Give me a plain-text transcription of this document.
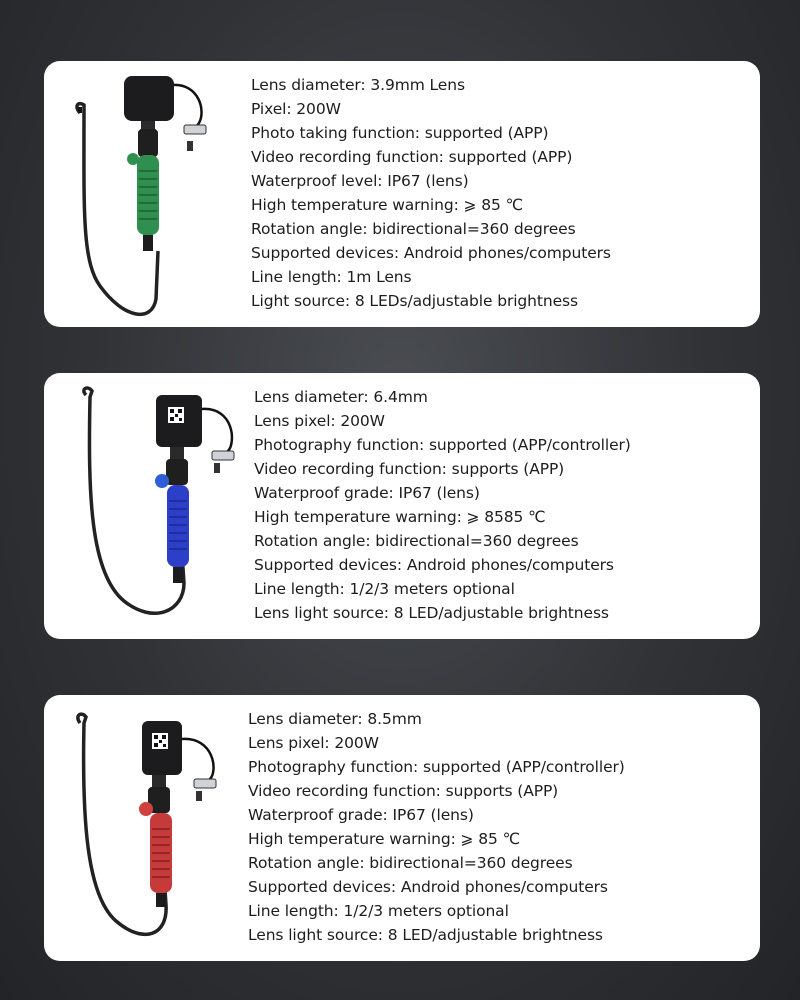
Lens diameter: 3.9mm Lens
Pixel: 200W
Photo taking function: supported (APP)
Video recording function: supported (APP)
Waterproof level: IP67 (lens)
High temperature warning: ⩾ 85 ℃
Rotation angle: bidirectional=360 degrees
Supported devices: Android phones/computers
Line length: 1m Lens
Light source: 8 LEDs/adjustable brightness
Lens diameter: 6.4mm
Lens pixel: 200W
Photography function: supported (APP/controller)
Video recording function: supports (APP)
Waterproof grade: IP67 (lens)
High temperature warning: ⩾ 8585 ℃
Rotation angle: bidirectional=360 degrees
Supported devices: Android phones/computers
Line length: 1/2/3 meters optional
Lens light source: 8 LED/adjustable brightness
Lens diameter: 8.5mm
Lens pixel: 200W
Photography function: supported (APP/controller)
Video recording function: supports (APP)
Waterproof grade: IP67 (lens)
High temperature warning: ⩾ 85 ℃
Rotation angle: bidirectional=360 degrees
Supported devices: Android phones/computers
Line length: 1/2/3 meters optional
Lens light source: 8 LED/adjustable brightness
